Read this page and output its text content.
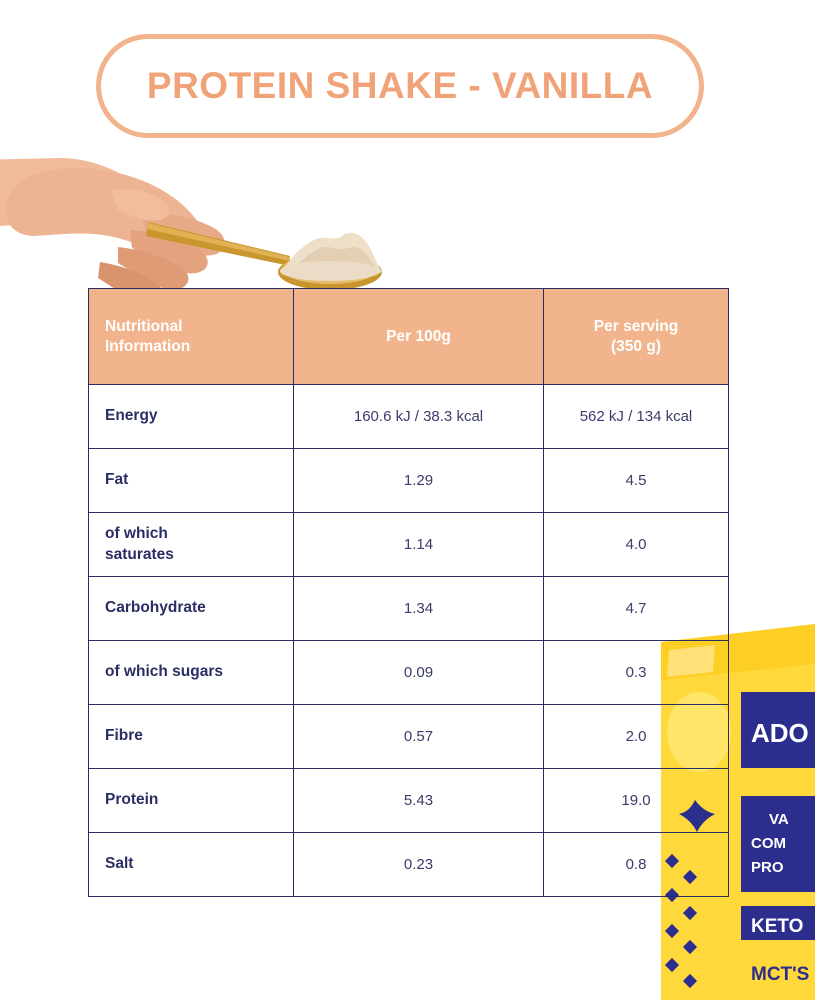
PROTEIN SHAKE - VANILLA
ADO
VA
COM
PRO
KETO
MCT'S
Nutritional
Information	Per 100g	Per serving
(350 g)

Energy	160.6 kJ / 38.3 kcal	562 kJ / 134 kcal

Fat	1.29	4.5

of which
saturates	1.14	4.0

Carbohydrate	1.34	4.7

of which sugars	0.09	0.3

Fibre	0.57	2.0

Protein	5.43	19.0

Salt	0.23	0.8
